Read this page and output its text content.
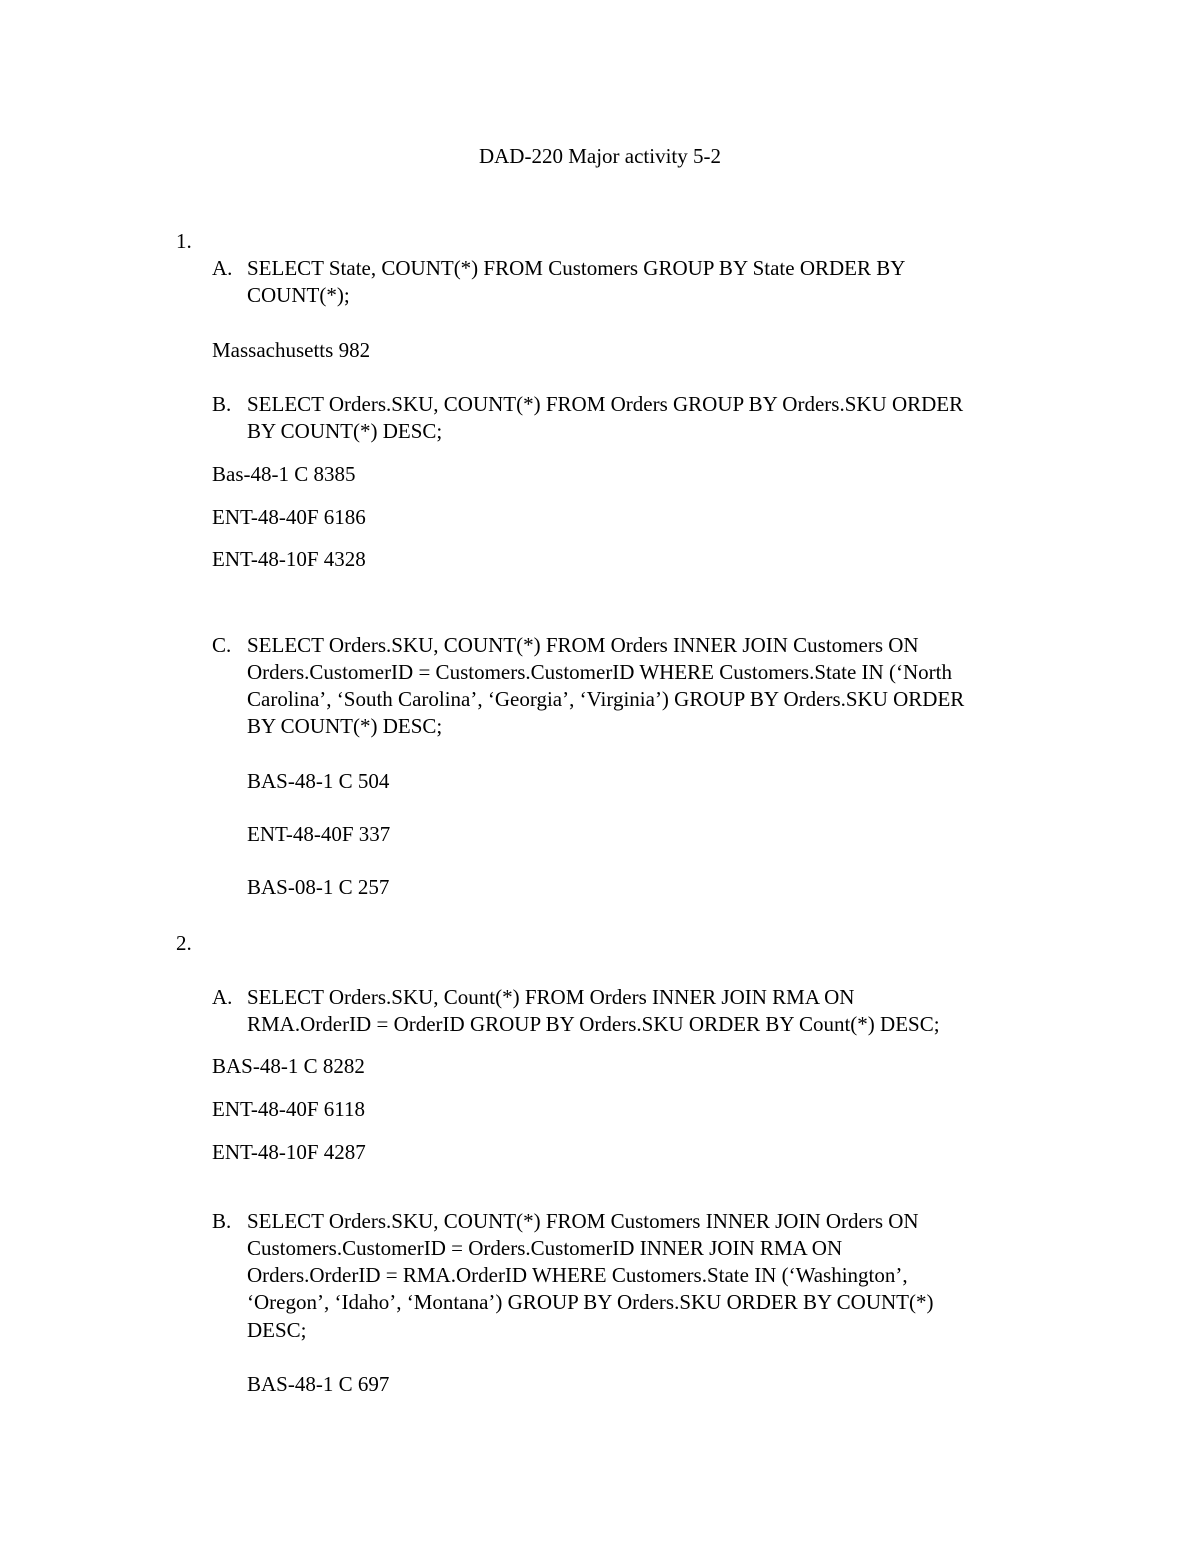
DAD-220 Major activity 5-2
1.
A. SELECT State, COUNT(*) FROM Customers GROUP BY State ORDER BY
COUNT(*);
Massachusetts 982
B. SELECT Orders.SKU, COUNT(*) FROM Orders GROUP BY Orders.SKU ORDER
BY COUNT(*) DESC;
Bas-48-1 C 8385
ENT-48-40F 6186
ENT-48-10F 4328
C. SELECT Orders.SKU, COUNT(*) FROM Orders INNER JOIN Customers ON
Orders.CustomerID = Customers.CustomerID WHERE Customers.State IN (‘North
Carolina’, ‘South Carolina’, ‘Georgia’, ‘Virginia’) GROUP BY Orders.SKU ORDER
BY COUNT(*) DESC;
BAS-48-1 C 504
ENT-48-40F 337
BAS-08-1 C 257
2.
A. SELECT Orders.SKU, Count(*) FROM Orders INNER JOIN RMA ON
RMA.OrderID = OrderID GROUP BY Orders.SKU ORDER BY Count(*) DESC;
BAS-48-1 C 8282
ENT-48-40F 6118
ENT-48-10F 4287
B. SELECT Orders.SKU, COUNT(*) FROM Customers INNER JOIN Orders ON
Customers.CustomerID = Orders.CustomerID INNER JOIN RMA ON
Orders.OrderID = RMA.OrderID WHERE Customers.State IN (‘Washington’,
‘Oregon’, ‘Idaho’, ‘Montana’) GROUP BY Orders.SKU ORDER BY COUNT(*)
DESC;
BAS-48-1 C 697
